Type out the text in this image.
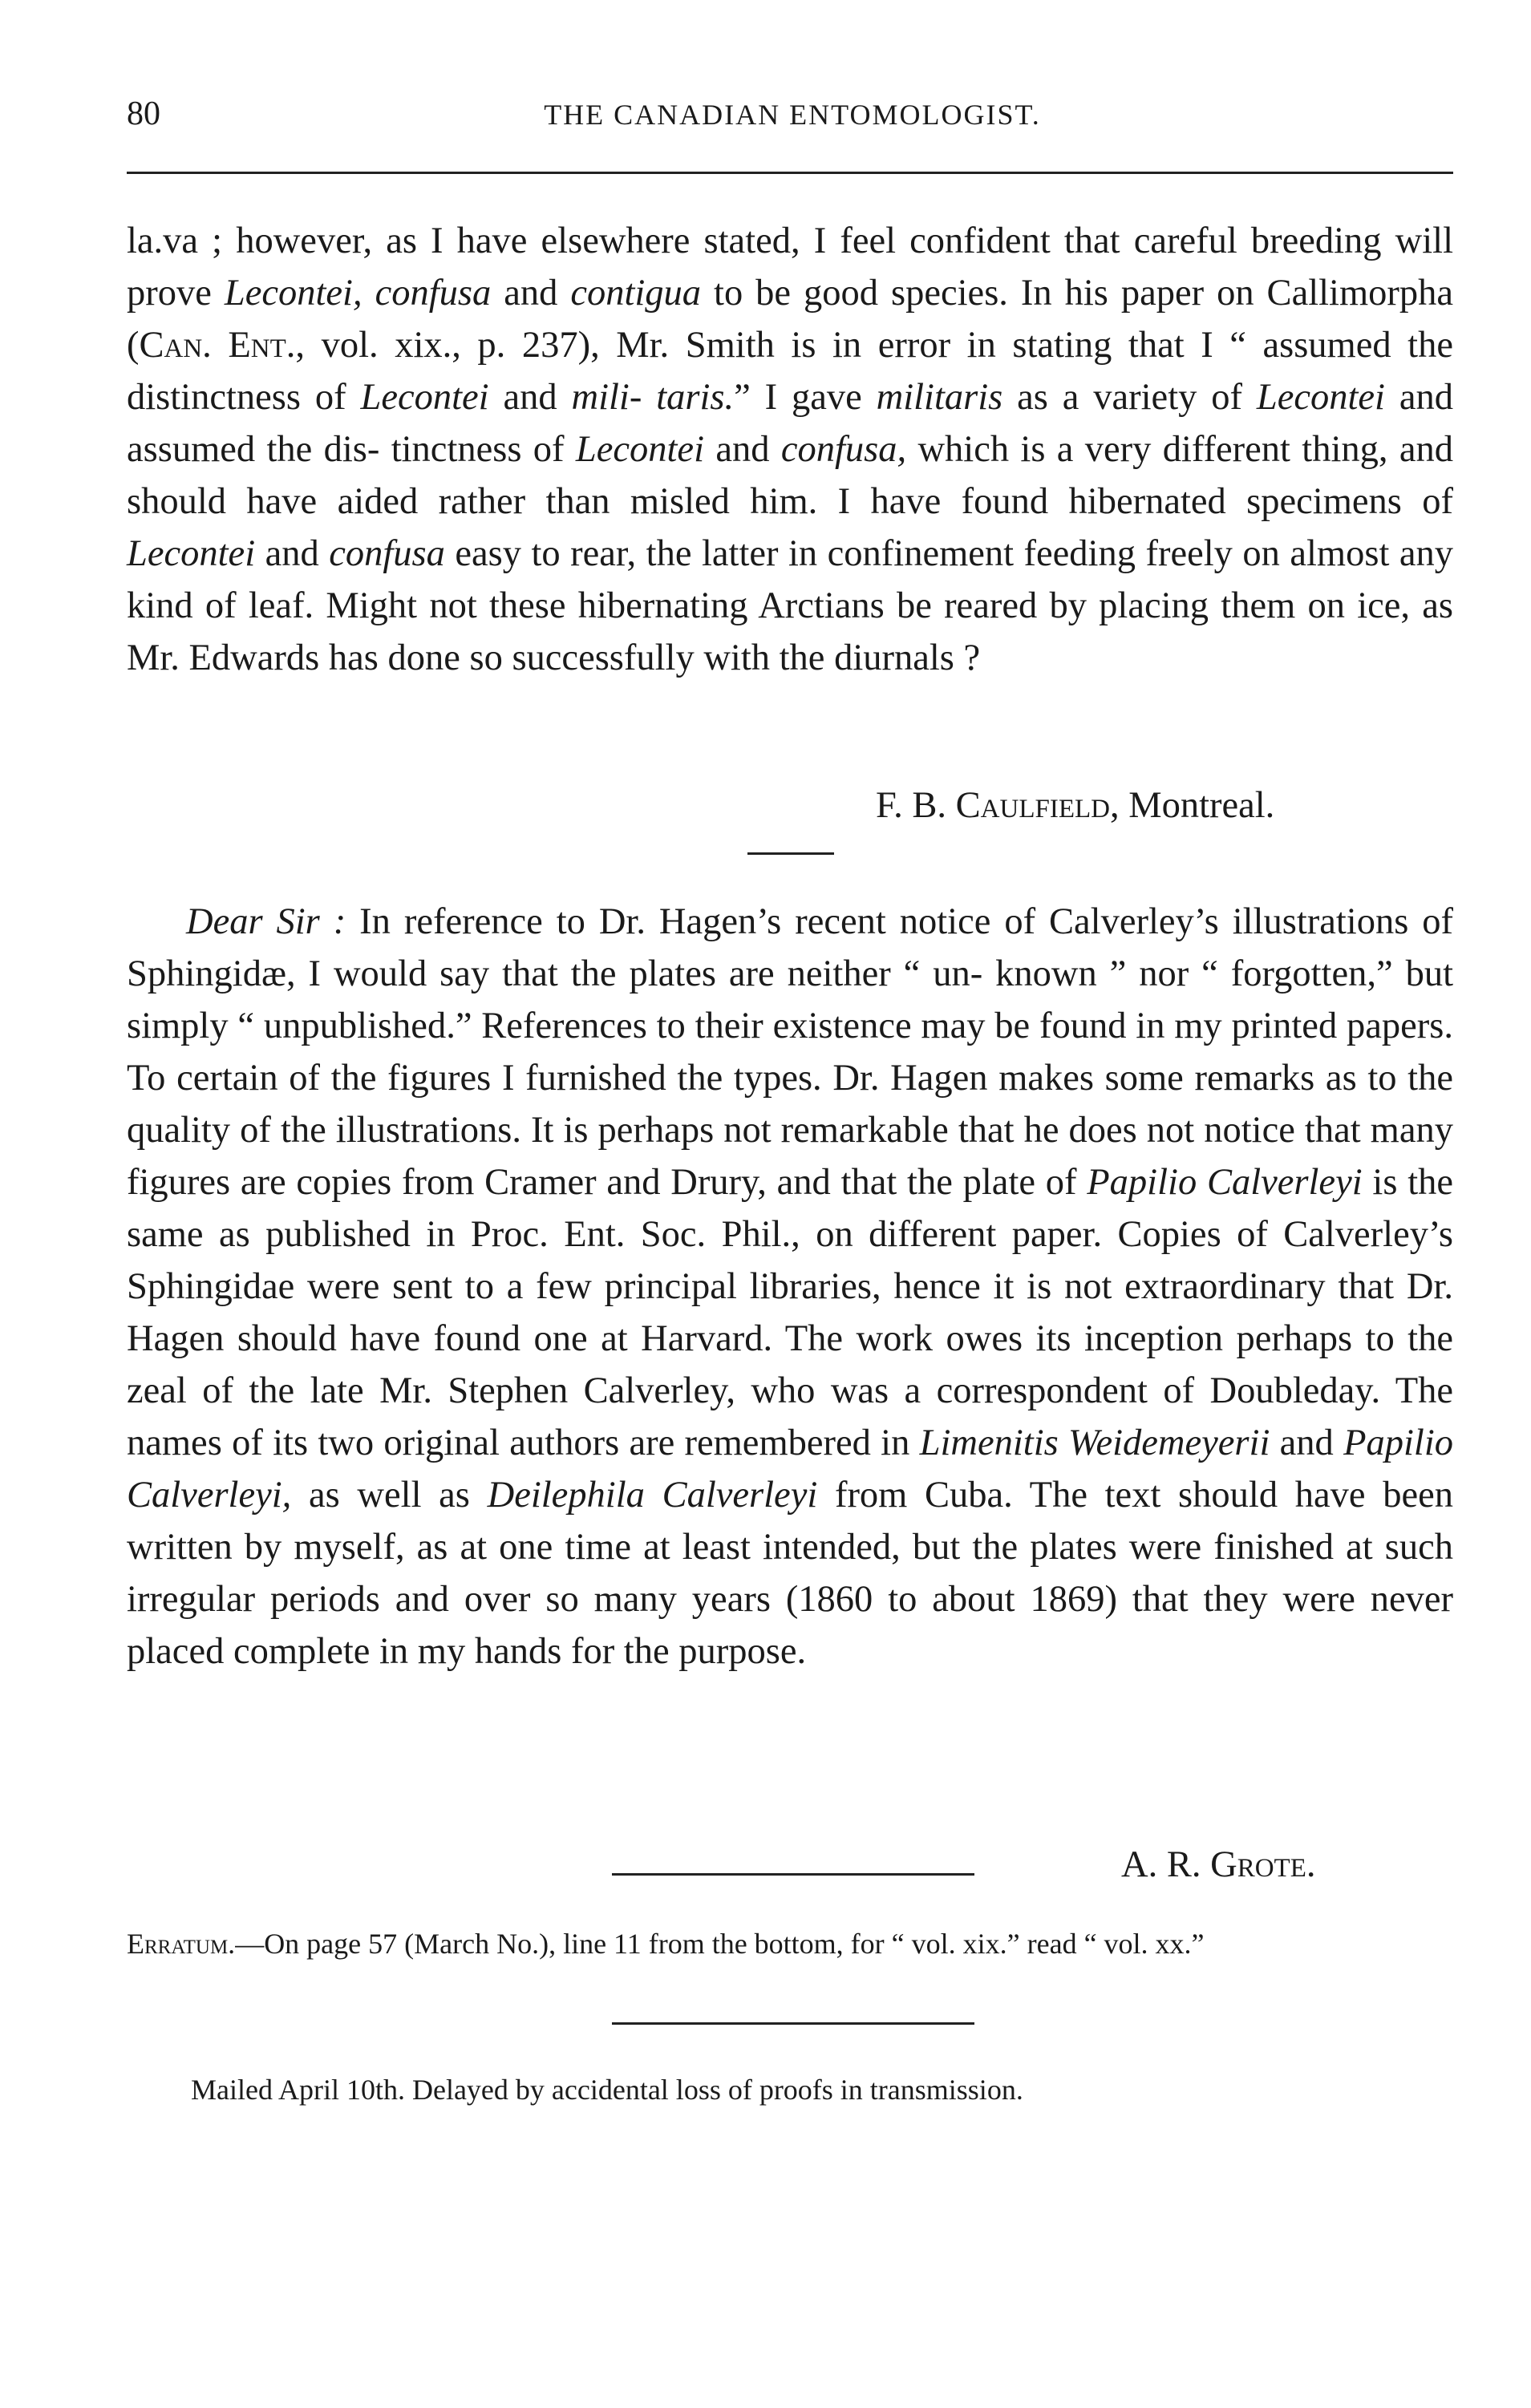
80	THE CANADIAN ENTOMOLOGIST.

la.va ; however, as I have elsewhere stated, I feel confident that careful breeding will prove Lecontei, confusa and contigua to be good species. In his paper on Callimorpha (Can. Ent., vol. xix., p. 237), Mr. Smith is in error in stating that I “ assumed the distinctness of Lecontei and mili- taris.” I gave militaris as a variety of Lecontei and assumed the dis- tinctness of Lecontei and confusa, which is a very different thing, and should have aided rather than misled him. I have found hibernated specimens of Lecontei and confusa easy to rear, the latter in confinement feeding freely on almost any kind of leaf. Might not these hibernating Arctians be reared by placing them on ice, as Mr. Edwards has done so successfully with the diurnals ?

F. B. Caulfield, Montreal.

Dear Sir : In reference to Dr. Hagen’s recent notice of Calverley’s illustrations of Sphingidæ, I would say that the plates are neither “ un- known ” nor “ forgotten,” but simply “ unpublished.” References to their existence may be found in my printed papers. To certain of the figures I furnished the types. Dr. Hagen makes some remarks as to the quality of the illustrations. It is perhaps not remarkable that he does not notice that many figures are copies from Cramer and Drury, and that the plate of Papilio Calverleyi is the same as published in Proc. Ent. Soc. Phil., on different paper. Copies of Calverley’s Sphingidae were sent to a few principal libraries, hence it is not extraordinary that Dr. Hagen should have found one at Harvard. The work owes its inception perhaps to the zeal of the late Mr. Stephen Calverley, who was a correspondent of Doubleday. The names of its two original authors are remembered in Limenitis Weidemeyerii and Papilio Calverleyi, as well as Deilephila Calverleyi from Cuba. The text should have been written by myself, as at one time at least intended, but the plates were finished at such irregular periods and over so many years (1860 to about 1869) that they were never placed complete in my hands for the purpose.

A. R. Grote.

Erratum.—On page 57 (March No.), line 11 from the bottom, for “ vol. xix.” read “ vol. xx.”

Mailed April 10th. Delayed by accidental loss of proofs in transmission.
